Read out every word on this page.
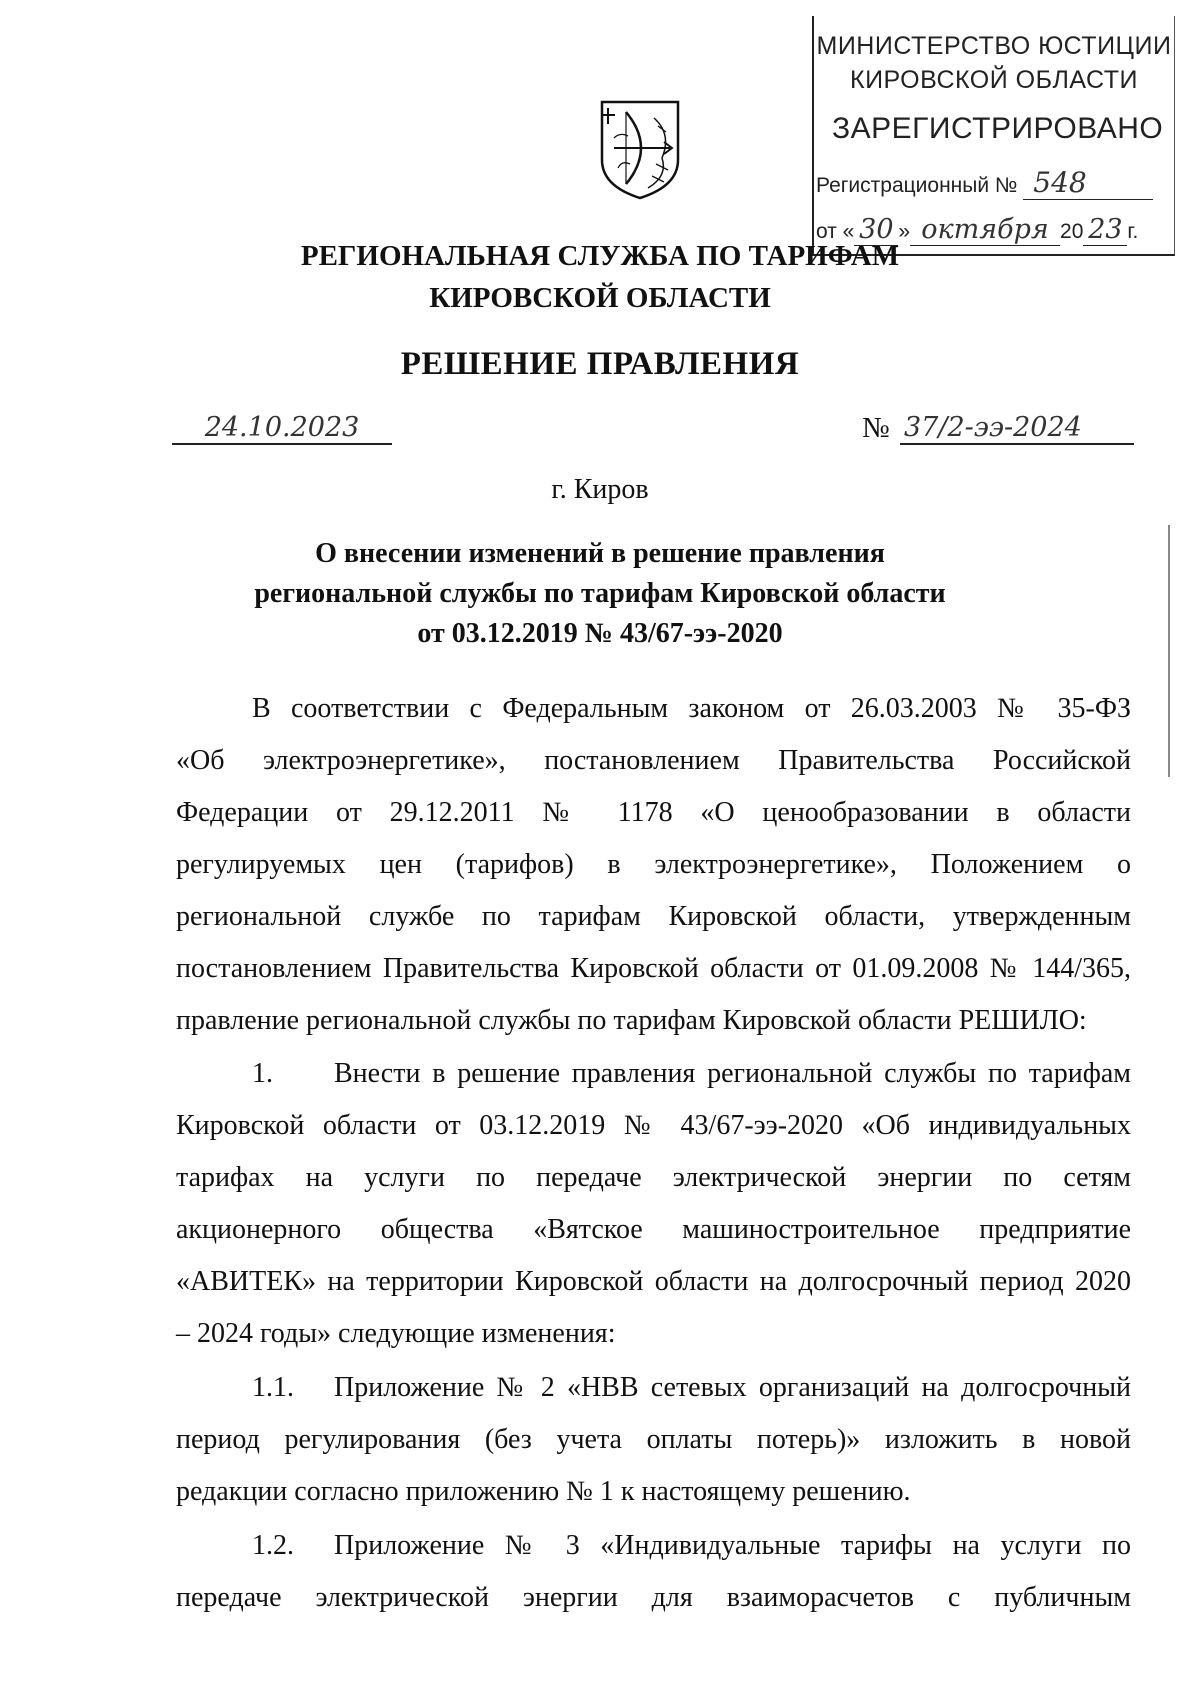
МИНИСТЕРСТВО ЮСТИЦИИ
КИРОВСКОЙ ОБЛАСТИ
ЗАРЕГИСТРИРОВАНО
Регистрационный № 548
от « 30 » октября 20 23 г.
РЕГИОНАЛЬНАЯ СЛУЖБА ПО ТАРИФАМ
КИРОВСКОЙ ОБЛАСТИ
РЕШЕНИЕ ПРАВЛЕНИЯ
24.10.2023	№ 37/2-ээ-2024
г. Киров
О внесении изменений в решение правления
региональной службы по тарифам Кировской области
от 03.12.2019 № 43/67-ээ-2020
В соответствии с Федеральным законом от 26.03.2003 № 35-ФЗ
«Об электроэнергетике», постановлением Правительства Российской
Федерации от 29.12.2011 № 1178 «О ценообразовании в области
регулируемых цен (тарифов) в электроэнергетике», Положением о
региональной службе по тарифам Кировской области, утвержденным
постановлением Правительства Кировской области от 01.09.2008 № 144/365,
правление региональной службы по тарифам Кировской области РЕШИЛО:
1. Внести в решение правления региональной службы по тарифам
Кировской области от 03.12.2019 № 43/67-ээ-2020 «Об индивидуальных
тарифах на услуги по передаче электрической энергии по сетям
акционерного общества «Вятское машиностроительное предприятие
«АВИТЕК» на территории Кировской области на долгосрочный период 2020
– 2024 годы» следующие изменения:
1.1. Приложение № 2 «НВВ сетевых организаций на долгосрочный
период регулирования (без учета оплаты потерь)» изложить в новой
редакции согласно приложению № 1 к настоящему решению.
1.2. Приложение № 3 «Индивидуальные тарифы на услуги по
передаче электрической энергии для взаиморасчетов с публичным
